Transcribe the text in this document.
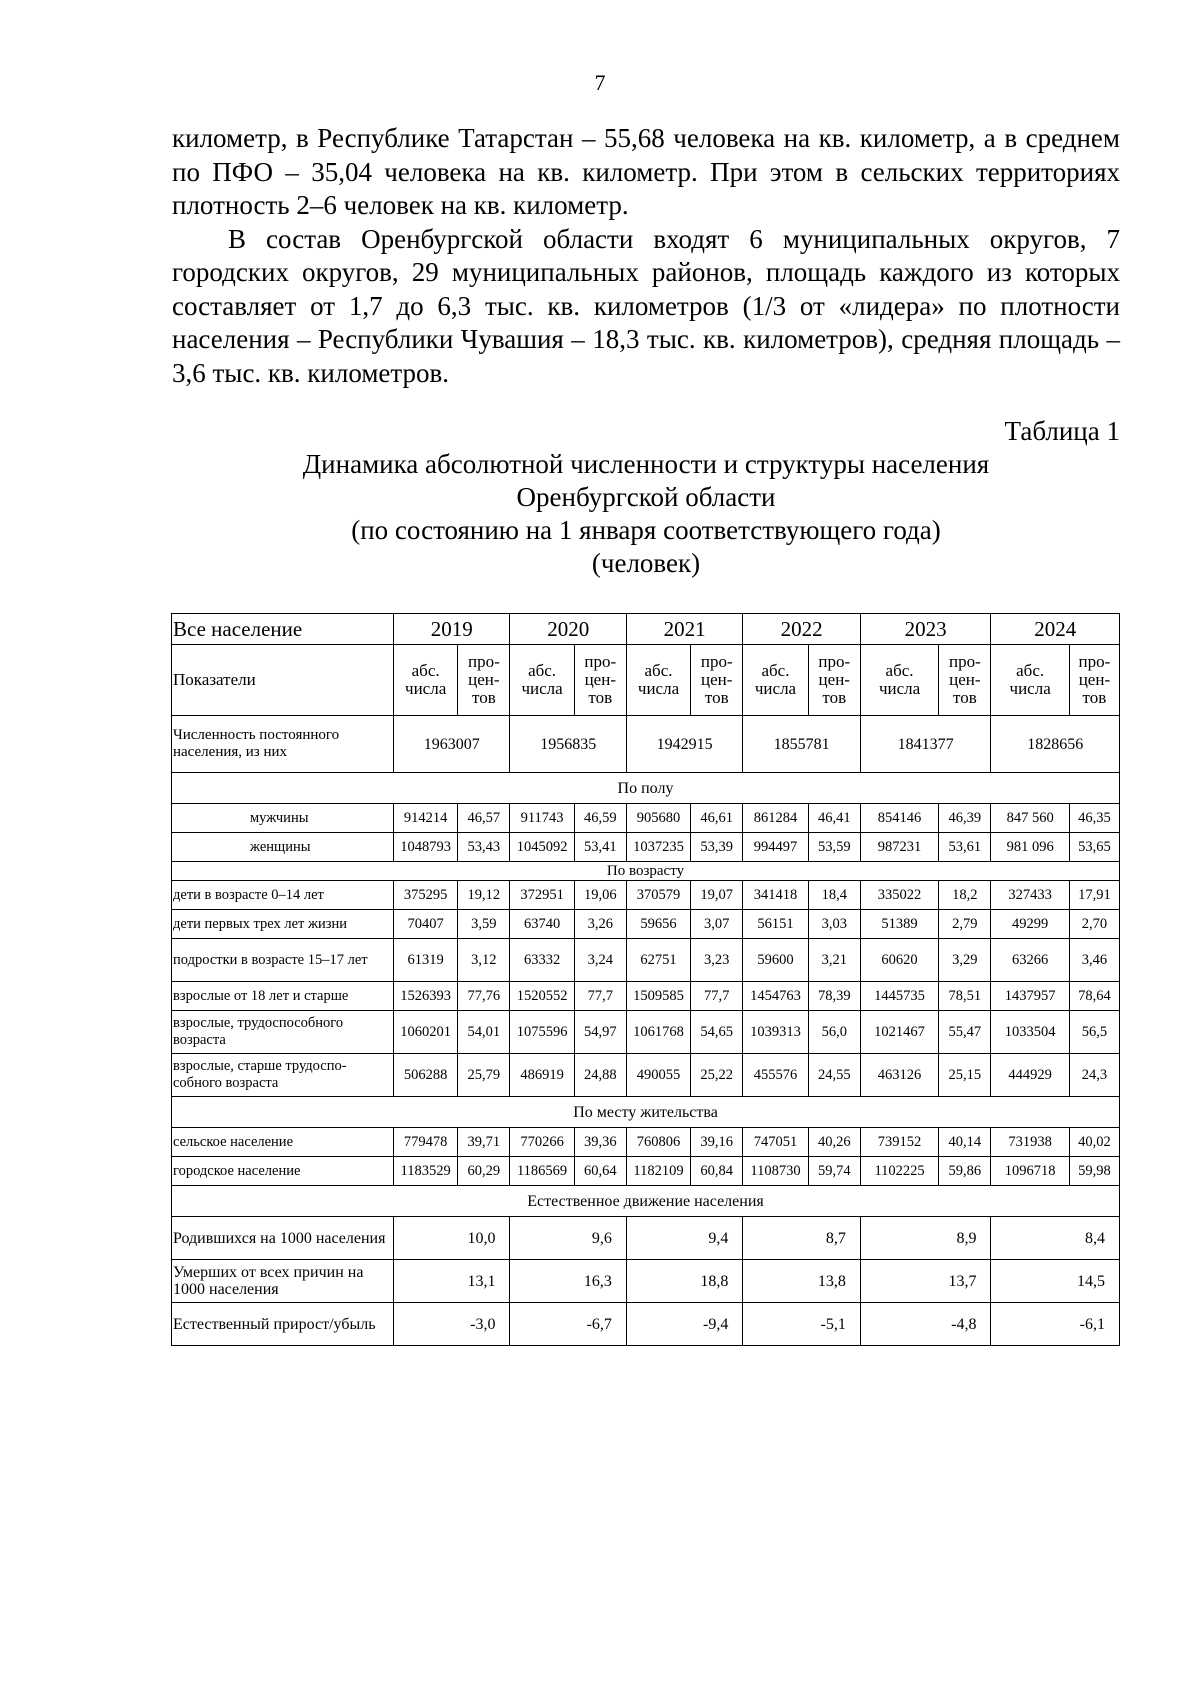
7

километр, в Республике Татарстан – 55,68 человека на кв. километр, а в среднем по ПФО – 35,04 человека на кв. километр. При этом в сельских территориях плотность 2–6 человек на кв. километр.

В состав Оренбургской области входят 6 муниципальных округов, 7 городских округов, 29 муниципальных районов, площадь каждого из которых составляет от 1,7 до 6,3 тыс. кв. километров (1/3 от «лидера» по плотности населения – Республики Чувашия – 18,3 тыс. кв. километров), средняя площадь – 3,6 тыс. кв. километров.

Таблица 1
Динамика абсолютной численности и структуры населения
Оренбургской области
(по состоянию на 1 января соответствующего года)
(человек)
Все население	2019		2020		2021		2022		2023		2024	
Показатели	абс. числа	про-цен-тов	абс. числа	про-цен-тов	абс. числа	про-цен-тов	абс. числа	про-цен-тов	абс. числа	про-цен-тов	абс. числа	про-цен-тов
Численность постоянного населения, из них	1963007		1956835		1942915		1855781		1841377		1828656	
По полу												
мужчины	914214	46,57	911743	46,59	905680	46,61	861284	46,41	854146	46,39	847 560	46,35
женщины	1048793	53,43	1045092	53,41	1037235	53,39	994497	53,59	987231	53,61	981 096	53,65
По возрасту												
дети в возрасте 0–14 лет	375295	19,12	372951	19,06	370579	19,07	341418	18,4	335022	18,2	327433	17,91
дети первых трех лет жизни	70407	3,59	63740	3,26	59656	3,07	56151	3,03	51389	2,79	49299	2,70
подростки в возрасте 15–17 лет	61319	3,12	63332	3,24	62751	3,23	59600	3,21	60620	3,29	63266	3,46
взрослые от 18 лет и старше	1526393	77,76	1520552	77,7	1509585	77,7	1454763	78,39	1445735	78,51	1437957	78,64
взрослые, трудоспособного возраста	1060201	54,01	1075596	54,97	1061768	54,65	1039313	56,0	1021467	55,47	1033504	56,5
взрослые, старше трудоспо-собного возраста	506288	25,79	486919	24,88	490055	25,22	455576	24,55	463126	25,15	444929	24,3
По месту жительства												
сельское население	779478	39,71	770266	39,36	760806	39,16	747051	40,26	739152	40,14	731938	40,02
городское население	1183529	60,29	1186569	60,64	1182109	60,84	1108730	59,74	1102225	59,86	1096718	59,98
Естественное движение населения												
Родившихся на 1000 населения	10,0		9,6		9,4		8,7		8,9		8,4	
Умерших от всех причин на 1000 населения	13,1		16,3		18,8		13,8		13,7		14,5	
Естественный прирост/убыль	-3,0		-6,7		-9,4		-5,1		-4,8		-6,1	
